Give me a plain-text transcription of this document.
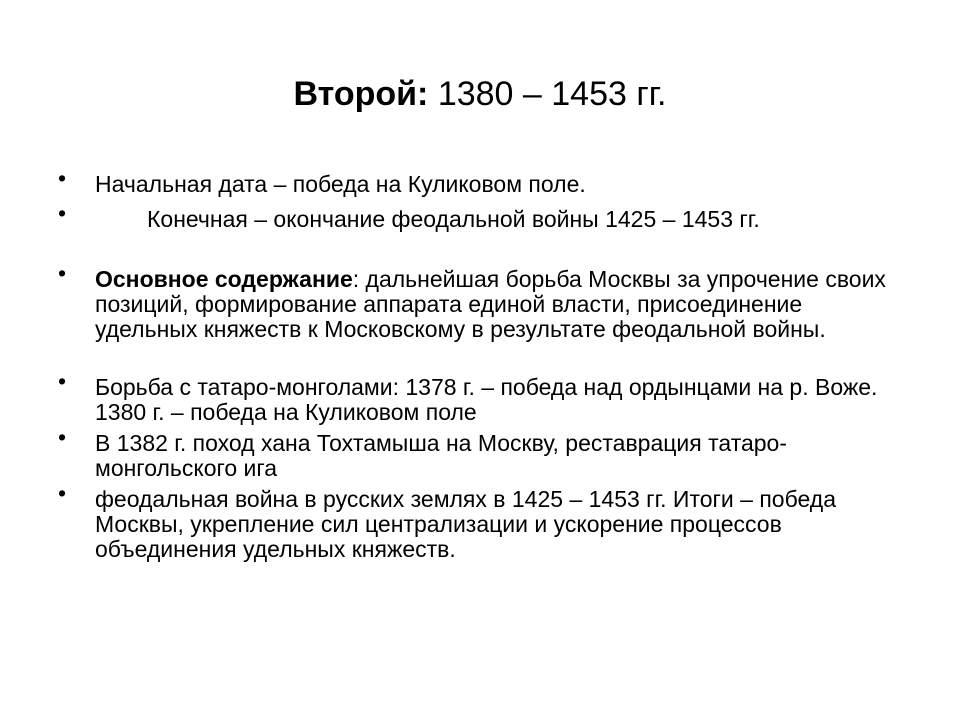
Второй: 1380 – 1453 гг.
• Начальная дата – победа на Куликовом поле.
•	Конечная – окончание феодальной войны 1425 – 1453 гг.
• Основное содержание: дальнейшая борьба Москвы за упрочение своих позиций, формирование аппарата единой власти, присоединение удельных княжеств к Московскому в результате феодальной войны.
• Борьба с татаро-монголами: 1378 г. – победа над ордынцами на р. Воже. 1380 г. – победа на Куликовом поле
• В 1382 г. поход хана Тохтамыша на Москву, реставрация татаро-монгольского ига
• феодальная война в русских землях в 1425 – 1453 гг. Итоги – победа Москвы, укрепление сил централизации и ускорение процессов объединения удельных княжеств.
